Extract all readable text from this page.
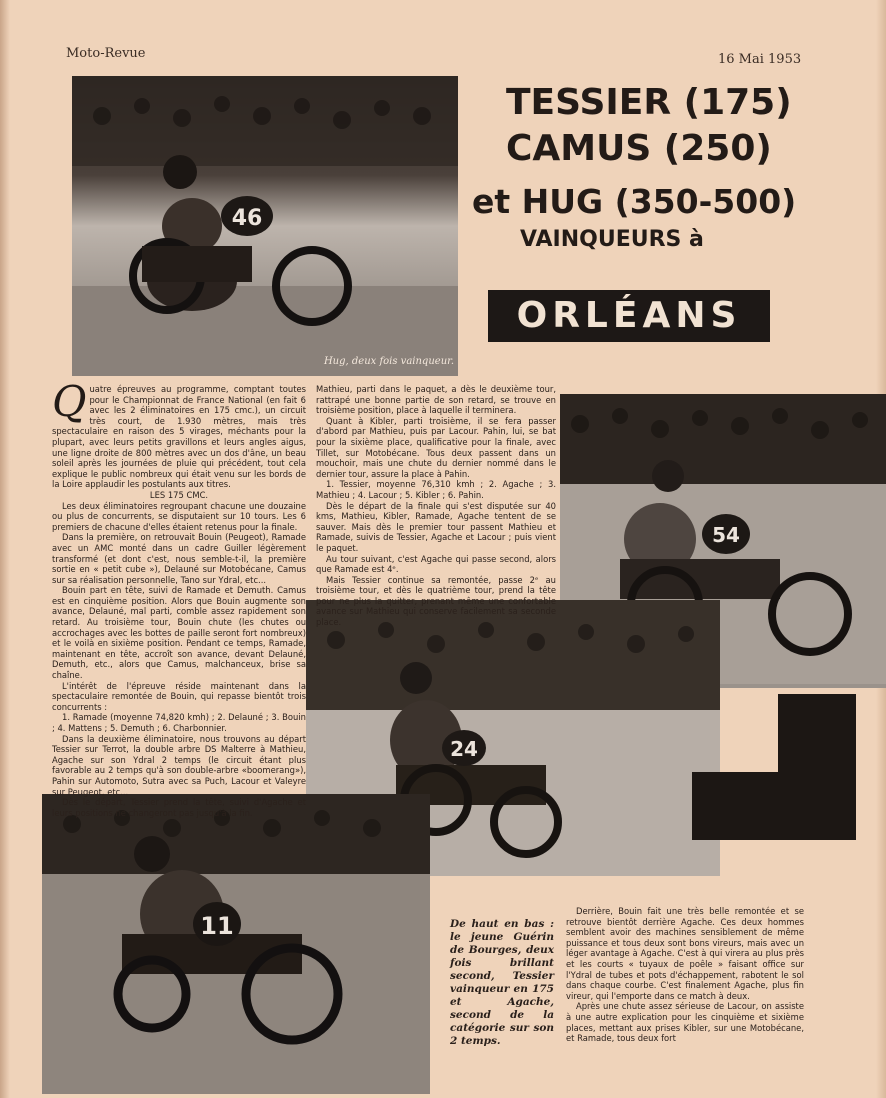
Moto-Revue	16 Mai 1953
46
Hug, deux fois vainqueur.
TESSIER (175)
CAMUS (250)
et HUG (350-500)
VAINQUEURS à
ORLÉANS
54
24
11	De haut en bas : le jeune Guérin de Bourges, deux fois brillant second, Tessier vainqueur en 175 et Agache, second de la catégorie sur son 2 temps.

Quatre épreuves au programme, comptant toutes pour le Championnat de France National (en fait 6 avec les 2 éliminatoires en 175 cmc.), un circuit très court, de 1.930 mètres, mais très spectaculaire en raison des 5 virages, méchants pour la plupart, avec leurs petits gravillons et leurs angles aigus, une ligne droite de 800 mètres avec un dos d'âne, un beau soleil après les journées de pluie qui précédent, tout cela explique le public nombreux qui était venu sur les bords de la Loire applaudir les postulants aux titres.

LES 175 CMC.

Les deux éliminatoires regroupant chacune une douzaine ou plus de concurrents, se disputaient sur 10 tours. Les 6 premiers de chacune d'elles étaient retenus pour la finale.

Dans la première, on retrouvait Bouin (Peugeot), Ramade avec un AMC monté dans un cadre Guiller légèrement transformé (et dont c'est, nous semble-t-il, la première sortie en « petit cube »), Delauné sur Motobécane, Camus sur sa réalisation personnelle, Tano sur Ydral, etc...

Bouin part en tête, suivi de Ramade et Demuth. Camus est en cinquième position. Alors que Bouin augmente son avance, Delauné, mal parti, comble assez rapidement son retard. Au troisième tour, Bouin chute (les chutes ou accrochages avec les bottes de paille seront fort nombreux) et le voilà en sixième position. Pendant ce temps, Ramade, maintenant en tête, accroît son avance, devant Delauné, Demuth, etc., alors que Camus, malchanceux, brise sa chaîne.

L'intérêt de l'épreuve réside maintenant dans la spectaculaire remontée de Bouin, qui repasse bientôt trois concurrents :

1. Ramade (moyenne 74,820 kmh) ; 2. Delauné ; 3. Bouin ; 4. Mattens ; 5. Demuth ; 6. Charbonnier.

Dans la deuxième éliminatoire, nous trouvons au départ Tessier sur Terrot, la double arbre DS Malterre à Mathieu, Agache sur son Ydral 2 temps (le circuit étant plus favorable au 2 temps qu'à son double-arbre «boomerang»), Pahin sur Automoto, Sutra avec sa Puch, Lacour et Valeyre sur Peugeot, etc...

Dès le départ, Tessier prend la tête, suivi d'Agache et leurs positions ne changeront pas jusqu'à la fin.

Mathieu, parti dans le paquet, a dès le deuxième tour, rattrapé une bonne partie de son retard, se trouve en troisième position, place à laquelle il terminera.

Quant à Kibler, parti troisième, il se fera passer d'abord par Mathieu, puis par Lacour. Pahin, lui, se bat pour la sixième place, qualificative pour la finale, avec Tillet, sur Motobécane. Tous deux passent dans un mouchoir, mais une chute du dernier nommé dans le dernier tour, assure la place à Pahin.

1. Tessier, moyenne 76,310 kmh ; 2. Agache ; 3. Mathieu ; 4. Lacour ; 5. Kibler ; 6. Pahin.

Dès le départ de la finale qui s'est disputée sur 40 kms, Mathieu, Kibler, Ramade, Agache tentent de se sauver. Mais dès le premier tour passent Mathieu et Ramade, suivis de Tessier, Agache et Lacour ; puis vient le paquet.

Au tour suivant, c'est Agache qui passe second, alors que Ramade est 4ᵉ.

Mais Tessier continue sa remontée, passe 2ᵉ au troisième tour, et dès le quatrième tour, prend la tête pour ne plus la quitter, prenant même une confortable avance sur Mathieu qui conserve facilement sa seconde place.

Derrière, Bouin fait une très belle remontée et se retrouve bientôt derrière Agache. Ces deux hommes semblent avoir des machines sensiblement de même puissance et tous deux sont bons vireurs, mais avec un léger avantage à Agache. C'est à qui virera au plus près et les courts « tuyaux de poêle » faisant office sur l'Ydral de tubes et pots d'échappement, rabotent le sol dans chaque courbe. C'est finalement Agache, plus fin vireur, qui l'emporte dans ce match à deux.

Après une chute assez sérieuse de Lacour, on assiste à une autre explication pour les cinquième et sixième places, mettant aux prises Kibler, sur une Motobécane, et Ramade, tous deux fort
